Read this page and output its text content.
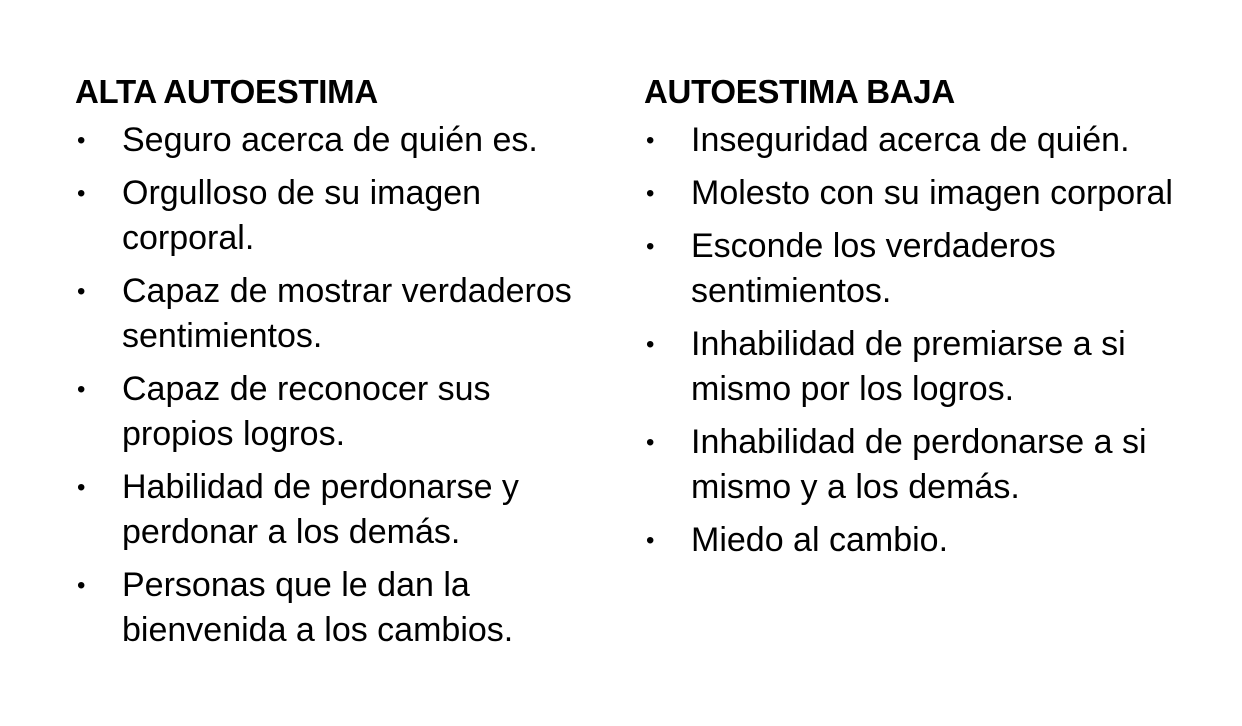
ALTA AUTOESTIMA
•	Seguro acerca de quién es.
•	Orgulloso de su imagen corporal.
•	Capaz de mostrar verdaderos sentimientos.
•	Capaz de reconocer sus propios logros.
•	Habilidad de perdonarse y perdonar a los demás.
•	Personas que le dan la bienvenida a los cambios.
AUTOESTIMA BAJA
•	Inseguridad acerca de quién.
•	Molesto con su imagen corporal
•	Esconde los verdaderos sentimientos.
•	Inhabilidad de premiarse a si mismo por los logros.
•	Inhabilidad de perdonarse a si mismo y a los demás.
•	Miedo al cambio.
